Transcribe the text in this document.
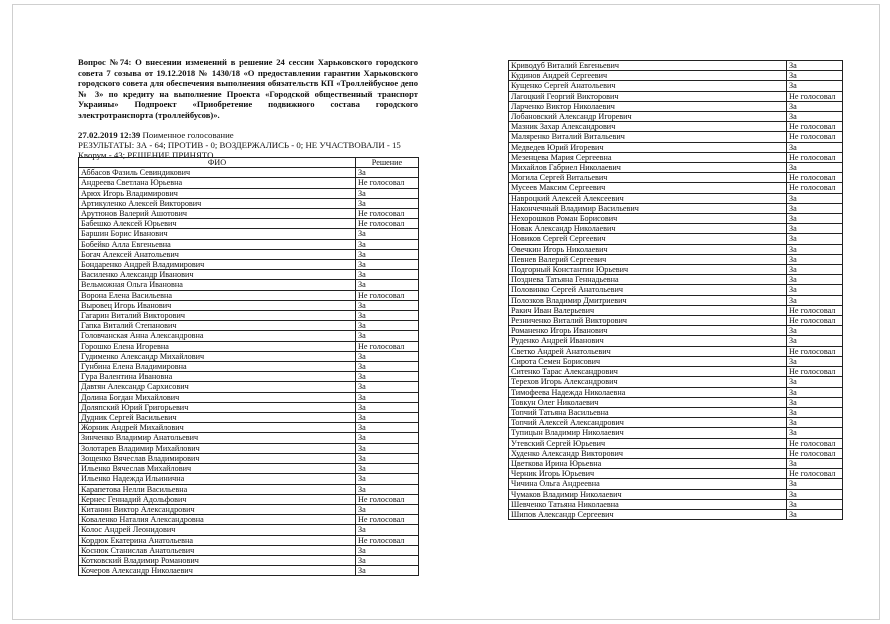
Вопрос №74: О внесении изменений в решение 24 сессии Харьковского городского совета 7 созыва от 19.12.2018 № 1430/18 «О предоставлении гарантии Харьковского городского совета для обеспечения выполнения обязательств КП «Троллейбусное депо № 3» по кредиту на выполнение Проекта «Городской общественный транспорт Украины» Подпроект «Приобретение подвижного состава городского электротранспорта (троллейбусов)».
27.02.2019 12:39 Поименное голосование
РЕЗУЛЬТАТЫ: ЗА - 64; ПРОТИВ - 0; ВОЗДЕРЖАЛИСЬ - 0; НЕ УЧАСТВОВАЛИ - 15
Кворум - 43; РЕШЕНИЕ ПРИНЯТО
ФИО	Решение
Аббасов Фазиль Севиндикович	За
Андреева Светлана Юрьевна	Не голосовал
Арюх Игорь Владимирович	За
Артикуленко Алексей Викторович	За
Арутюнов Валерий Ашотович	Не голосовал
Бабешко Алексей Юрьевич	Не голосовал
Баршин Борис Иванович	За
Бобейко Алла Евгеньевна	За
Богач Алексей Анатольевич	За
Бондаренко Андрей Владимирович	За
Василенко Александр Иванович	За
Вельможная Ольга Ивановна	За
Ворона Елена Васильевна	Не голосовал
Выровец Игорь Иванович	За
Гагарин Виталий Викторович	За
Гапка Виталий Степанович	За
Головчанская Анна Александровна	За
Горошко Елена Игоревна	Не голосовал
Гудименко Александр Михайлович	За
Гунбина Елена Владимировна	За
Гура Валентина Ивановна	За
Давтян Александр Сархисович	За
Долина Богдан Михайлович	За
Доляпский Юрий Григорьевич	За
Дудник Сергей Васильевич	За
Жорник Андрей Михайлович	За
Зинченко Владимир Анатольевич	За
Золотарев Владимир Михайлович	За
Зощенко Вячеслав Владимирович	За
Ильенко Вячеслав Михайлович	За
Ильенко Надежда Ильинична	За
Карапетова Нелли Васильевна	За
Кернес Геннадий Адольфович	Не голосовал
Китанин Виктор Александрович	За
Коваленко Наталия Александровна	Не голосовал
Колос Андрей Леонидович	За
Кордюк Екатерина Анатольевна	Не голосовал
Коснюк Станислав Анатольевич	За
Котковский Владимир Романович	За
Кочеров Александр Николаевич	За
Криводуб Виталий Евгеньевич	За
Кудинов Андрей Сергеевич	За
Кущенко Сергей Анатольевич	За
Лагоцкий Георгий Викторович	Не голосовал
Ларченко Виктор Николаевич	За
Лобановский Александр Игоревич	За
Мазник Захар Александрович	Не голосовал
Маляренко Виталий Витальевич	Не голосовал
Медведев Юрий Игоревич	За
Мезенцева Мария Сергеевна	Не голосовал
Михайлов Габриел Николаевич	За
Могила Сергей Витальевич	Не голосовал
Мусеев Максим Сергеевич	Не голосовал
Навроцкий Алексей Алексеевич	За
Накончечный Владимир Васильевич	За
Нехорошков Роман Борисович	За
Новак Александр Николаевич	За
Новиков Сергей Сергеевич	За
Овечкин Игорь Николаевич	За
Певнев Валерий Сергеевич	За
Подгорный Константин Юрьевич	За
Позднева Татьяна Геннадьевна	За
Половинко Сергей Анатольевич	За
Полозков Владимир Дмитриевич	За
Ракич Иван Валерьевич	Не голосовал
Резниченко Виталий Викторович	Не голосовал
Романенко Игорь Иванович	За
Руденко Андрей Иванович	За
Светко Андрей Анатольевич	Не голосовал
Сирота Семен Борисович	За
Ситенко Тарас Александрович	Не голосовал
Терехов Игорь Александрович	За
Тимофеева Надежда Николаевна	За
Товкун Олег Николаевич	За
Топчий Татьяна Васильевна	За
Топчий Алексей Александрович	За
Тупицын Владимир Николаевич	За
Утевский Сергей Юрьевич	Не голосовал
Худенко Александр Викторович	Не голосовал
Цветкова Ирина Юрьевна	За
Черник Игорь Юрьевич	Не голосовал
Чичина Ольга Андреевна	За
Чумаков Владимир Николаевич	За
Шевченко Татьяна Николаевна	За
Шипов Александр Сергеевич	За
